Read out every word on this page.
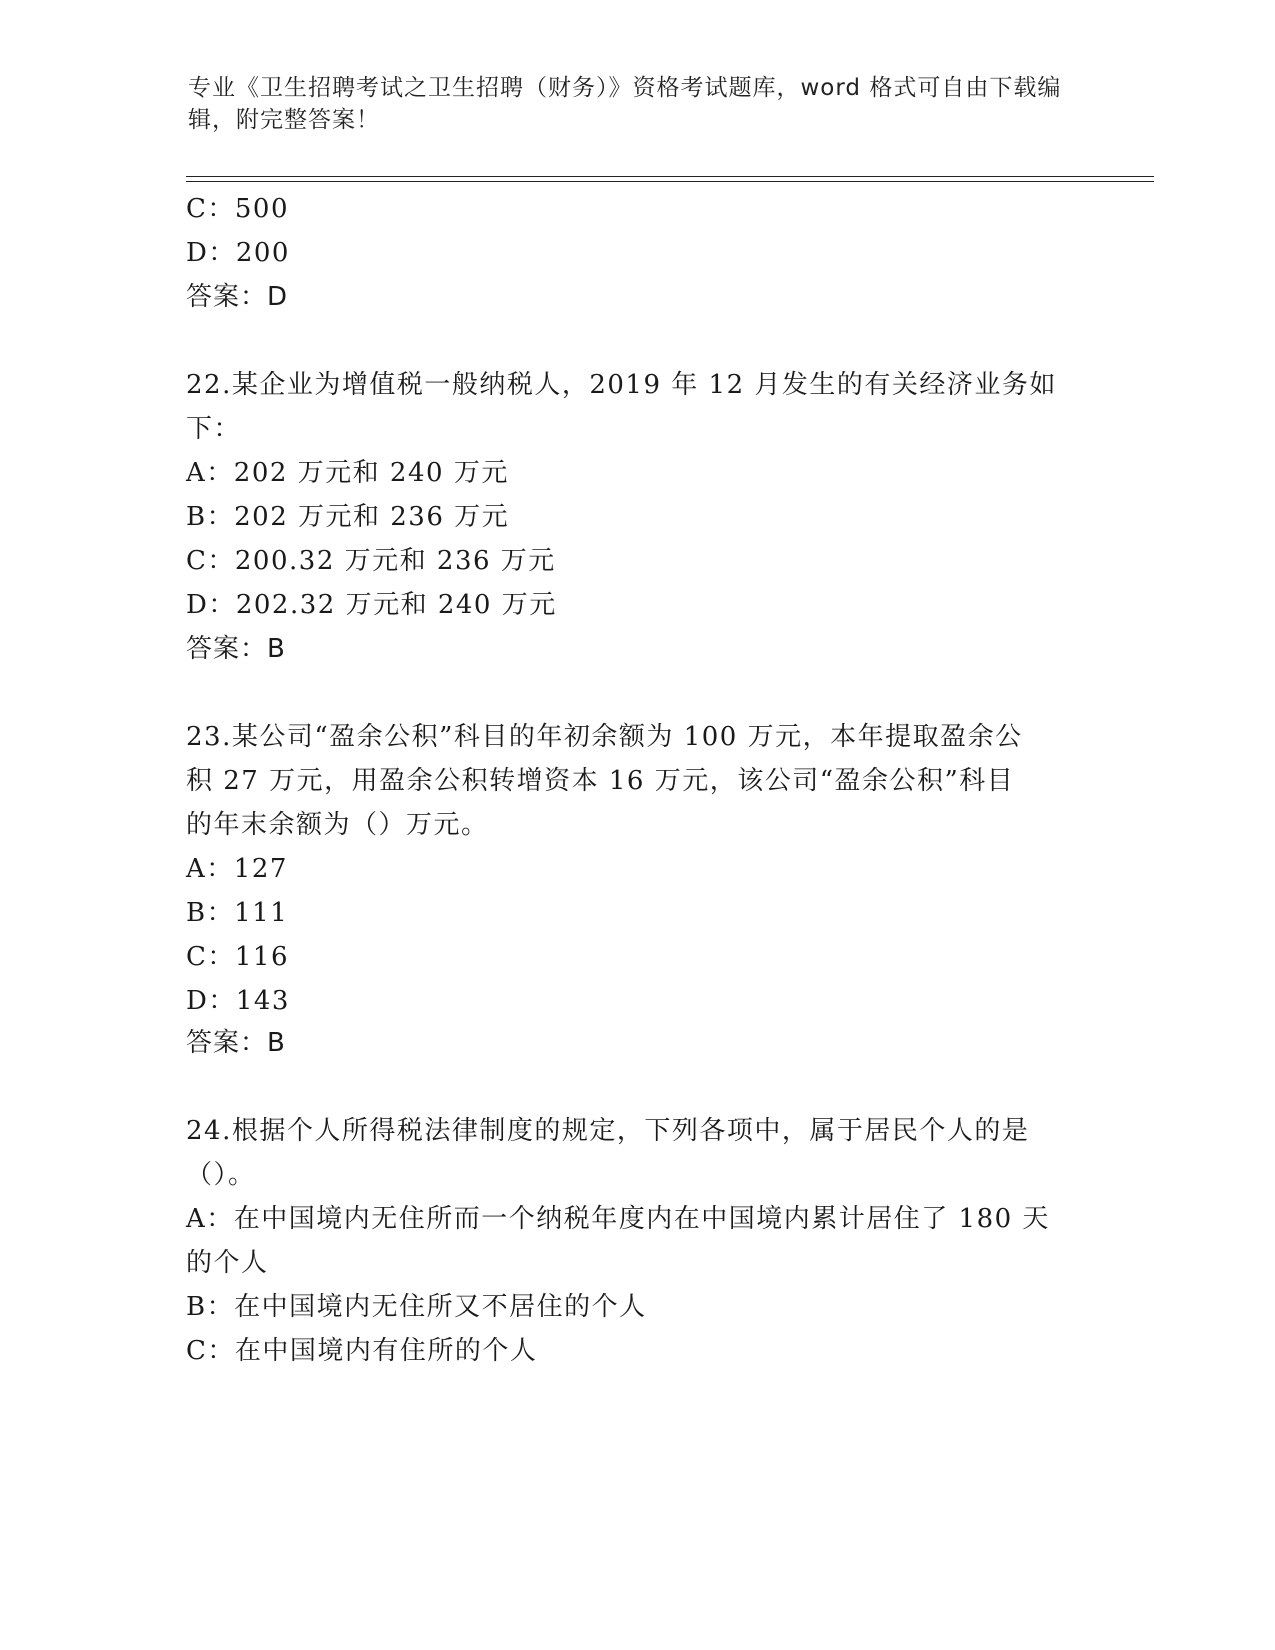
专业《卫生招聘考试之卫生招聘（财务）》资格考试题库，word 格式可自由下载编辑，附完整答案！
C：500
D：200
答案：D
22.某企业为增值税一般纳税人，2019 年 12 月发生的有关经济业务如
下：
A：202 万元和 240 万元
B：202 万元和 236 万元
C：200.32 万元和 236 万元
D：202.32 万元和 240 万元
答案：B
23.某公司“盈余公积”科目的年初余额为 100 万元，本年提取盈余公
积 27 万元，用盈余公积转增资本 16 万元，该公司“盈余公积”科目
的年末余额为（）万元。
A：127
B：111
C：116
D：143
答案：B
24.根据个人所得税法律制度的规定，下列各项中，属于居民个人的是
（）。
A：在中国境内无住所而一个纳税年度内在中国境内累计居住了 180 天
的个人
B：在中国境内无住所又不居住的个人
C：在中国境内有住所的个人
